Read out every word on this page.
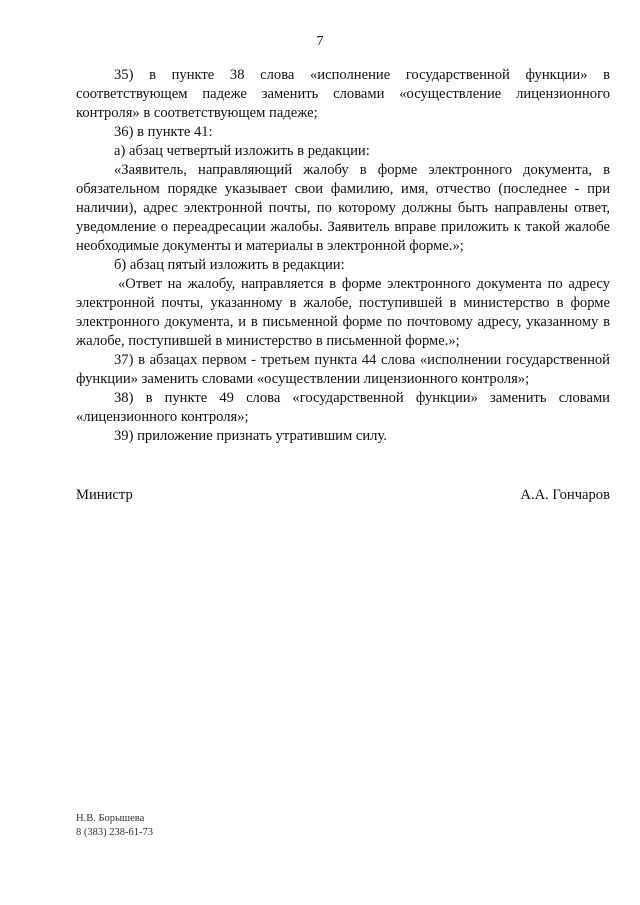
7

35) в пункте 38 слова «исполнение государственной функции» в соответствующем падеже заменить словами «осуществление лицензионного контроля» в соответствующем падеже;

36) в пункте 41:

а) абзац четвертый изложить в редакции:

«Заявитель, направляющий жалобу в форме электронного документа, в обязательном порядке указывает свои фамилию, имя, отчество (последнее - при наличии), адрес электронной почты, по которому должны быть направлены ответ, уведомление о переадресации жалобы. Заявитель вправе приложить к такой жалобе необходимые документы и материалы в электронной форме.»;

б) абзац пятый изложить в редакции:

«Ответ на жалобу, направляется в форме электронного документа по адресу электронной почты, указанному в жалобе, поступившей в министерство в форме электронного документа, и в письменной форме по почтовому адресу, указанному в жалобе, поступившей в министерство в письменной форме.»;

37) в абзацах первом - третьем пункта 44 слова «исполнении государственной функции» заменить словами «осуществлении лицензионного контроля»;

38) в пункте 49 слова «государственной функции» заменить словами «лицензионного контроля»;

39) приложение признать утратившим силу.

Министр	А.А. Гончаров
Н.В. Борышева
8 (383) 238-61-73
